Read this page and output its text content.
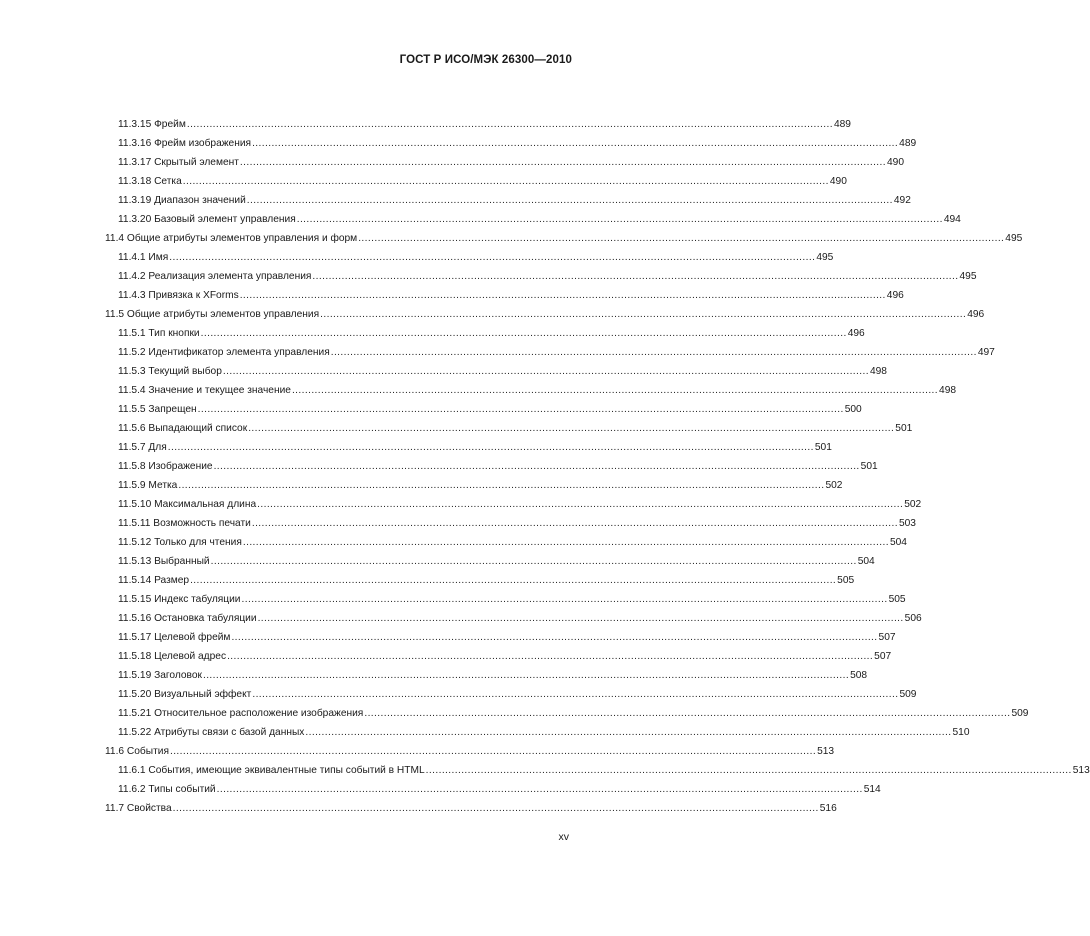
ГОСТ Р ИСО/МЭК 26300—2010
11.3.15 Фрейм ........................................................................................................................................................................................................ 489
11.3.16 Фрейм изображения ........................................................................................................................................................................................................ 489
11.3.17 Скрытый элемент ........................................................................................................................................................................................................ 490
11.3.18 Сетка ........................................................................................................................................................................................................ 490
11.3.19 Диапазон значений ........................................................................................................................................................................................................ 492
11.3.20 Базовый элемент управления ........................................................................................................................................................................................................ 494
11.4 Общие атрибуты элементов управления и форм ........................................................................................................................................................................................................ 495
11.4.1 Имя ........................................................................................................................................................................................................ 495
11.4.2 Реализация элемента управления ........................................................................................................................................................................................................ 495
11.4.3 Привязка к XForms ........................................................................................................................................................................................................ 496
11.5 Общие атрибуты элементов управления ........................................................................................................................................................................................................ 496
11.5.1 Тип кнопки ........................................................................................................................................................................................................ 496
11.5.2 Идентификатор элемента управления ........................................................................................................................................................................................................ 497
11.5.3 Текущий выбор ........................................................................................................................................................................................................ 498
11.5.4 Значение и текущее значение ........................................................................................................................................................................................................ 498
11.5.5 Запрещен ........................................................................................................................................................................................................ 500
11.5.6 Выпадающий список ........................................................................................................................................................................................................ 501
11.5.7 Для ........................................................................................................................................................................................................ 501
11.5.8 Изображение ........................................................................................................................................................................................................ 501
11.5.9 Метка ........................................................................................................................................................................................................ 502
11.5.10 Максимальная длина ........................................................................................................................................................................................................ 502
11.5.11 Возможность печати ........................................................................................................................................................................................................ 503
11.5.12 Только для чтения ........................................................................................................................................................................................................ 504
11.5.13 Выбранный ........................................................................................................................................................................................................ 504
11.5.14 Размер ........................................................................................................................................................................................................ 505
11.5.15 Индекс табуляции ........................................................................................................................................................................................................ 505
11.5.16 Остановка табуляции ........................................................................................................................................................................................................ 506
11.5.17 Целевой фрейм ........................................................................................................................................................................................................ 507
11.5.18 Целевой адрес ........................................................................................................................................................................................................ 507
11.5.19 Заголовок ........................................................................................................................................................................................................ 508
11.5.20 Визуальный эффект ........................................................................................................................................................................................................ 509
11.5.21 Относительное расположение изображения ........................................................................................................................................................................................................ 509
11.5.22 Атрибуты связи с базой данных ........................................................................................................................................................................................................ 510
11.6 События ........................................................................................................................................................................................................ 513
11.6.1 События, имеющие эквивалентные типы событий в HTML ........................................................................................................................................................................................................ 513
11.6.2 Типы событий ........................................................................................................................................................................................................ 514
11.7 Свойства ........................................................................................................................................................................................................ 516
xv
